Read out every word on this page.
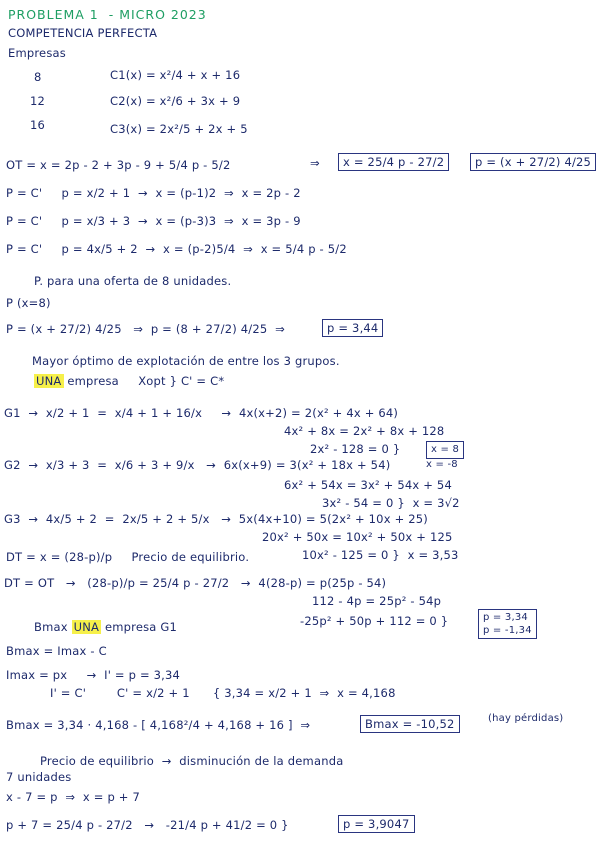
PROBLEMA 1  - MICRO 2023
COMPETENCIA PERFECTA
Empresas
8	C1(x) = x²/4 + x + 16
12	C2(x) = x²/6 + 3x + 9
16	C3(x) = 2x²/5 + 2x + 5
OT = x = 2p - 2 + 3p - 9 + 5/4 p - 5/2	⇒	x = 25/4 p - 27/2	p = (x + 27/2) 4/25
P = C'     p = x/2 + 1  →  x = (p-1)2  ⇒  x = 2p - 2
P = C'     p = x/3 + 3  →  x = (p-3)3  ⇒  x = 3p - 9
P = C'     p = 4x/5 + 2  →  x = (p-2)5/4  ⇒  x = 5/4 p - 5/2
P. para una oferta de 8 unidades.
P (x=8)
P = (x + 27/2) 4/25   ⇒  p = (8 + 27/2) 4/25  ⇒	p = 3,44
Mayor óptimo de explotación de entre los 3 grupos.
UNA empresa     Xopt } C' = C*
G1  →  x/2 + 1  =  x/4 + 1 + 16/x     →  4x(x+2) = 2(x² + 4x + 64)
4x² + 8x = 2x² + 8x + 128
2x² - 128 = 0 }	x = 8
x = -8
G2  →  x/3 + 3  =  x/6 + 3 + 9/x   →  6x(x+9) = 3(x² + 18x + 54)
6x² + 54x = 3x² + 54x + 54
3x² - 54 = 0 }  x = 3√2
G3  →  4x/5 + 2  =  2x/5 + 2 + 5/x   →  5x(4x+10) = 5(2x² + 10x + 25)
20x² + 50x = 10x² + 50x + 125
10x² - 125 = 0 }  x = 3,53
DT = x = (28-p)/p     Precio de equilibrio.
DT = OT   →   (28-p)/p = 25/4 p - 27/2   →  4(28-p) = p(25p - 54)
112 - 4p = 25p² - 54p
-25p² + 50p + 112 = 0 }	p = 3,34
p = -1,34
Bmax UNA empresa G1
Bmax = Imax - C
Imax = px     →  I' = p = 3,34
I' = C'        C' = x/2 + 1      { 3,34 = x/2 + 1  ⇒  x = 4,168
Bmax = 3,34 · 4,168 - [ 4,168²/4 + 4,168 + 16 ]  ⇒	Bmax = -10,52	(hay pérdidas)
Precio de equilibrio  →  disminución de la demanda
7 unidades
x - 7 = p  ⇒  x = p + 7
p + 7 = 25/4 p - 27/2   →   -21/4 p + 41/2 = 0 }	p = 3,9047
